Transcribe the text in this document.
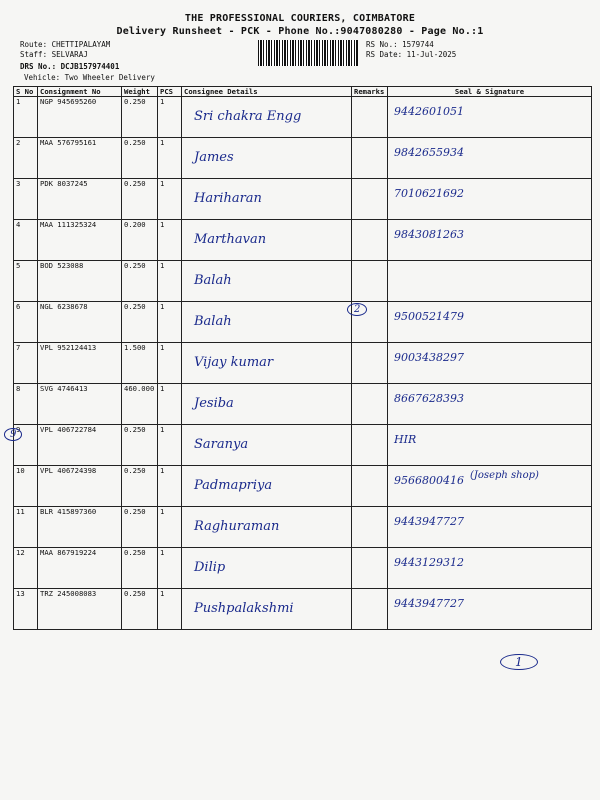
THE PROFESSIONAL COURIERS, COIMBATORE
Delivery Runsheet - PCK - Phone No.:9047080280 - Page No.:1
Route: CHETTIPALAYAM
Staff: SELVARAJ
DRS No.: DCJB157974401
Vehicle: Two Wheeler Delivery
RS No.: 1579744
RS Date: 11-Jul-2025
S No	Consignment No	Weight	PCS	Consignee Details	Remarks	Seal & Signature
1	NGP 945695260	0.250	1	Sri chakra Engg		9442601051

2	MAA 576795161	0.250	1	James		9842655934

3	PDK 8037245	0.250	1	Hariharan		7010621692

4	MAA 111325324	0.200	1	Marthavan		9843081263

5	BOD 523088	0.250	1	Balah		

6	NGL 6238678	0.250	1	Balah		9500521479

7	VPL 952124413	1.500	1	Vijay kumar		9003438297

8	SVG 4746413	460.000	1	Jesiba		8667628393

9	VPL 406722784	0.250	1	Saranya		HIR

10	VPL 406724398	0.250	1	Padmapriya		9566800416

11	BLR 415897360	0.250	1	Raghuraman		9443947727

12	MAA 867919224	0.250	1	Dilip		9443129312

13	TRZ 245008083	0.250	1	Pushpalakshmi		9443947727
(Joseph shop)
2
9
1
